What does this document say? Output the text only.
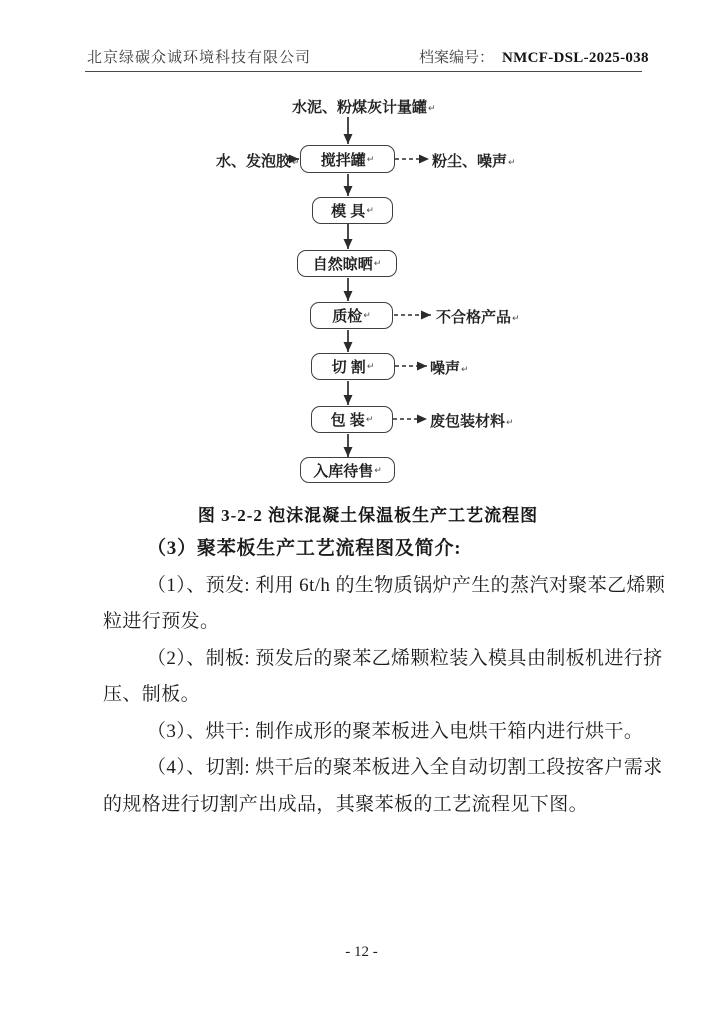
北京绿碳众诚环境科技有限公司	档案编号： NMCF-DSL-2025-038
水泥、粉煤灰计量罐↵
水、发泡胶↵ 搅拌罐 ↵
模 具 ↵
自然晾晒 ↵
质检 ↵
切 割 ↵
包 装 ↵
入库待售 ↵
粉尘、噪声↵
不合格产品↵
噪声↵
废包装材料↵
图 3-2-2 泡沫混凝土保温板生产工艺流程图
（3）聚苯板生产工艺流程图及简介:
（1）、预发: 利用 6t/h 的生物质锅炉产生的蒸汽对聚苯乙烯颗
粒进行预发。
（2）、制板: 预发后的聚苯乙烯颗粒装入模具由制板机进行挤
压、制板。
（3）、烘干: 制作成形的聚苯板进入电烘干箱内进行烘干。
（4）、切割: 烘干后的聚苯板进入全自动切割工段按客户需求
的规格进行切割产出成品，其聚苯板的工艺流程见下图。
- 12 -
